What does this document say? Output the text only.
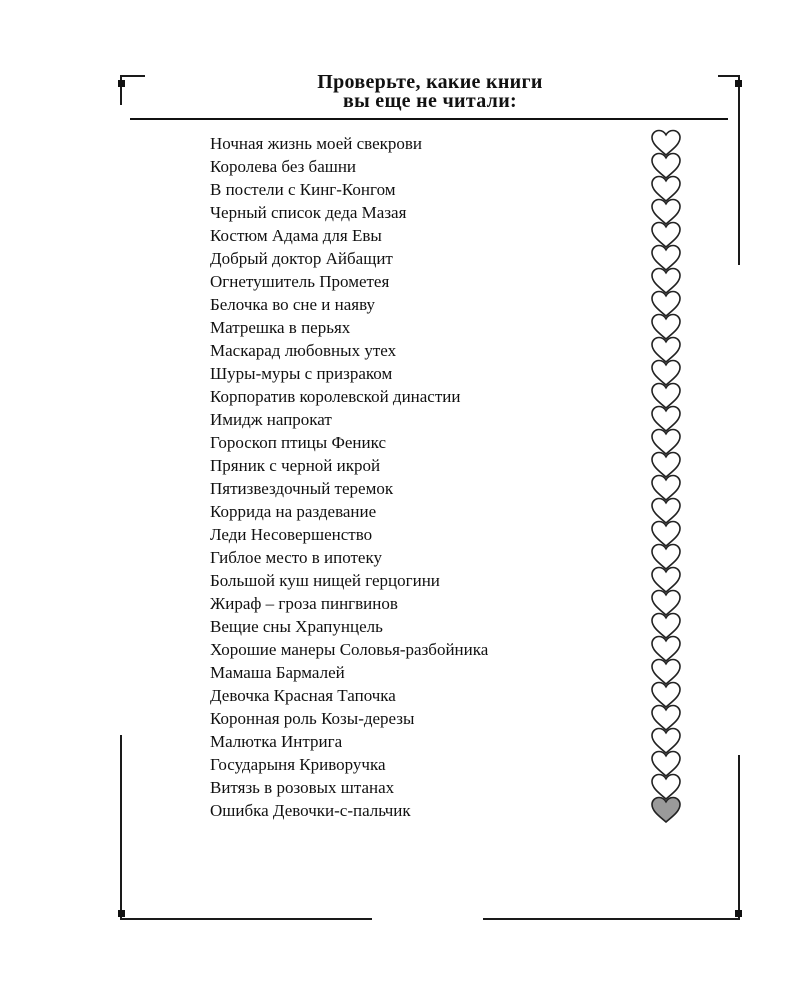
Проверьте, какие книги
вы еще не читали:
Ночная жизнь моей свекрови
Королева без башни
В постели с Кинг-Конгом
Черный список деда Мазая
Костюм Адама для Евы
Добрый доктор Айбащит
Огнетушитель Прометея
Белочка во сне и наяву
Матрешка в перьях
Маскарад любовных утех
Шуры-муры с призраком
Корпоратив королевской династии
Имидж напрокат
Гороскоп птицы Феникс
Пряник с черной икрой
Пятизвездочный теремок
Коррида на раздевание
Леди Несовершенство
Гиблое место в ипотеку
Большой куш нищей герцогини
Жираф – гроза пингвинов
Вещие сны Храпунцель
Хорошие манеры Соловья-разбойника
Мамаша Бармалей
Девочка Красная Тапочка
Коронная роль Козы-дерезы
Малютка Интрига
Государыня Криворучка
Витязь в розовых штанах
Ошибка Девочки-с-пальчик
